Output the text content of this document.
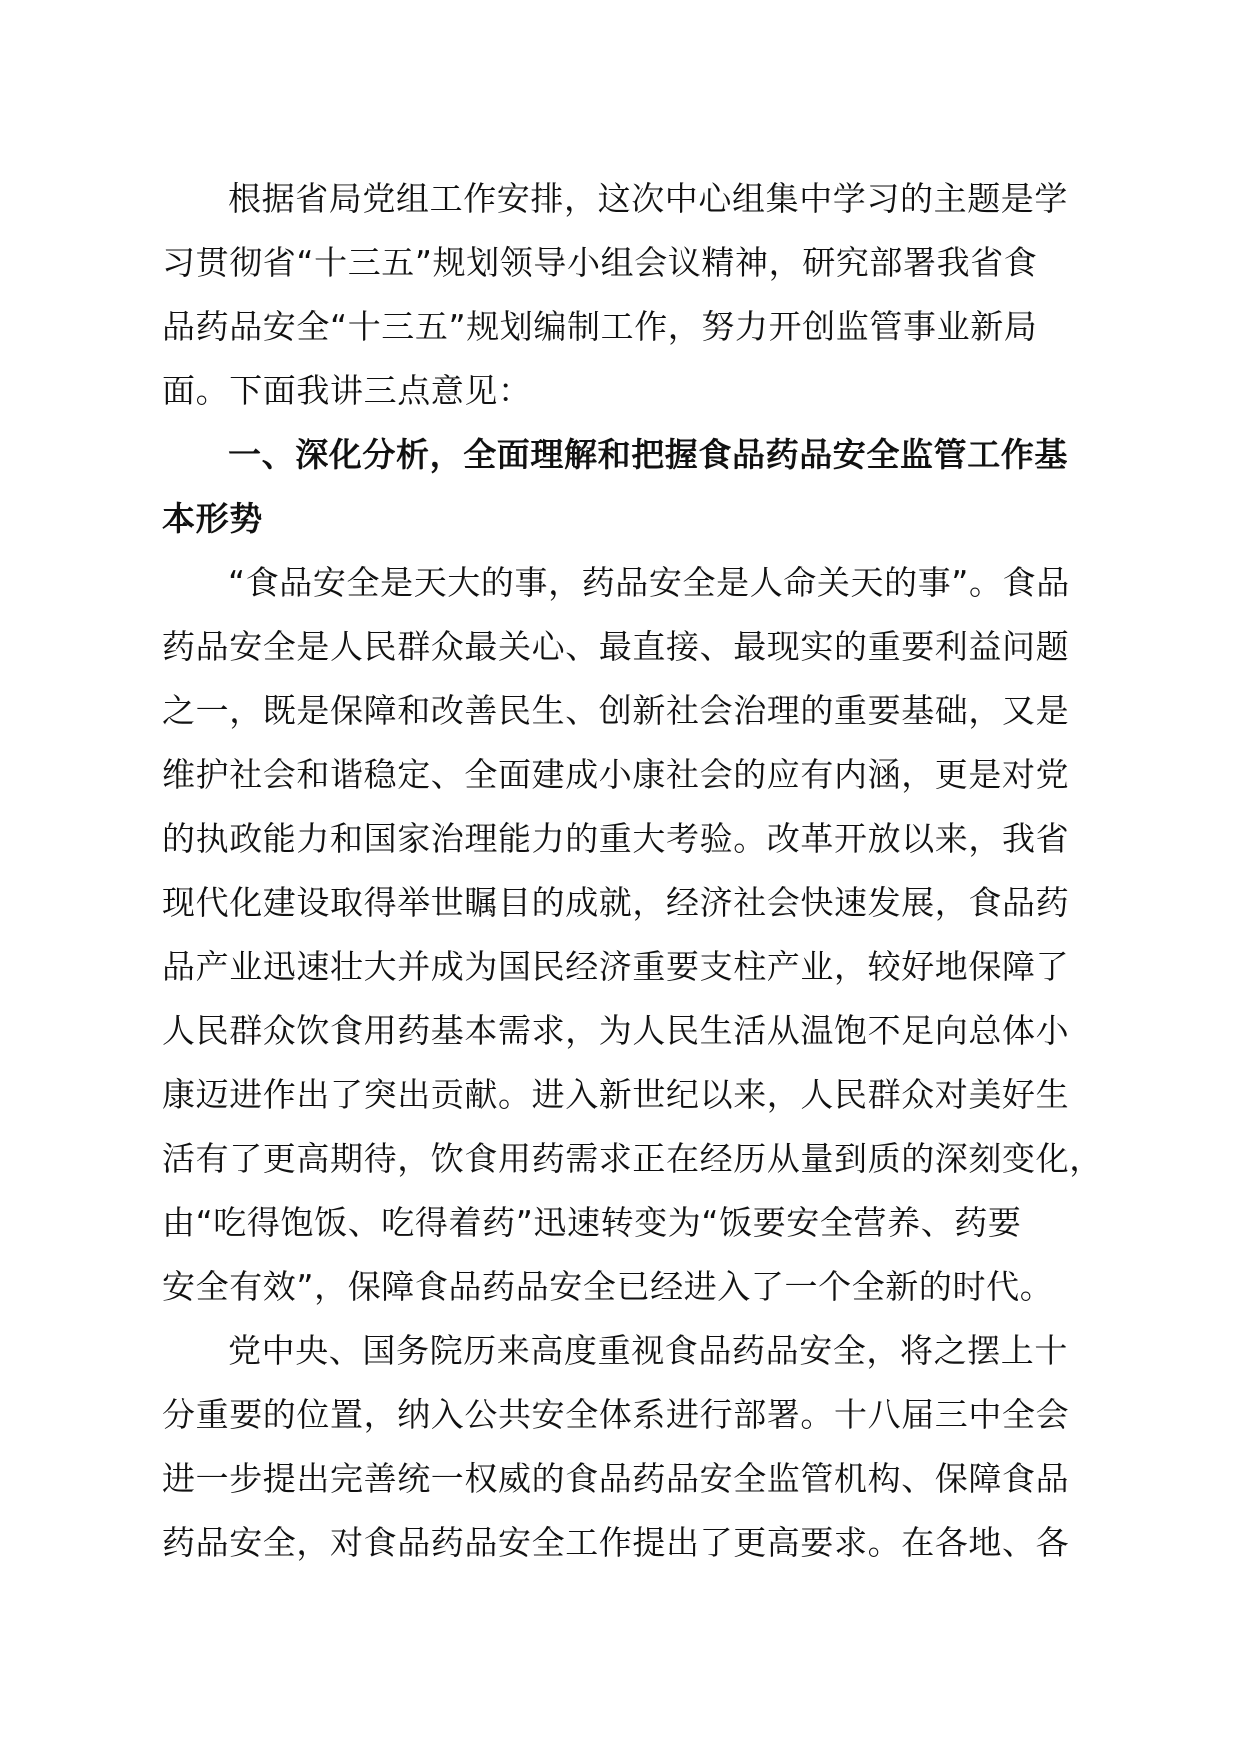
根据省局党组工作安排，这次中心组集中学习的主题是学
习贯彻省“十三五”规划领导小组会议精神，研究部署我省食
品药品安全“十三五”规划编制工作，努力开创监管事业新局
面。下面我讲三点意见：
一、深化分析，全面理解和把握食品药品安全监管工作基
本形势
“食品安全是天大的事，药品安全是人命关天的事”。食品
药品安全是人民群众最关心、最直接、最现实的重要利益问题
之一，既是保障和改善民生、创新社会治理的重要基础，又是
维护社会和谐稳定、全面建成小康社会的应有内涵，更是对党
的执政能力和国家治理能力的重大考验。改革开放以来，我省
现代化建设取得举世瞩目的成就，经济社会快速发展，食品药
品产业迅速壮大并成为国民经济重要支柱产业，较好地保障了
人民群众饮食用药基本需求，为人民生活从温饱不足向总体小
康迈进作出了突出贡献。进入新世纪以来，人民群众对美好生
活有了更高期待，饮食用药需求正在经历从量到质的深刻变化，
由“吃得饱饭、吃得着药”迅速转变为“饭要安全营养、药要
安全有效”，保障食品药品安全已经进入了一个全新的时代。
党中央、国务院历来高度重视食品药品安全，将之摆上十
分重要的位置，纳入公共安全体系进行部署。十八届三中全会
进一步提出完善统一权威的食品药品安全监管机构、保障食品
药品安全，对食品药品安全工作提出了更高要求。在各地、各
